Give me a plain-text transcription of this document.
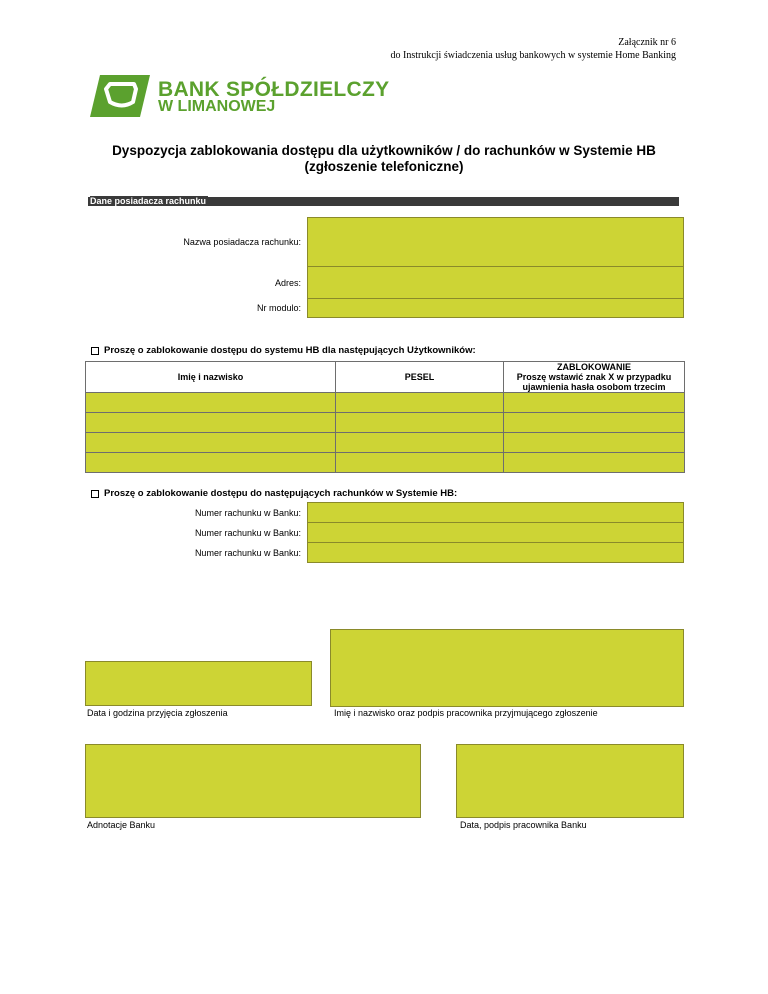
Załącznik nr 6
do Instrukcji świadczenia usług bankowych w systemie Home Banking
BANK SPÓŁDZIELCZY
W LIMANOWEJ
Dyspozycja zablokowania dostępu dla użytkowników / do rachunków w Systemie HB
(zgłoszenie telefoniczne)
Dane posiadacza rachunku
Nazwa posiadacza rachunku:
Adres:
Nr modulo:
Proszę o zablokowanie dostępu do systemu HB dla następujących Użytkowników:
Imię i nazwisko	PESEL	ZABLOKOWANIE
Proszę wstawić znak X w przypadku
ujawnienia hasła osobom trzecim

Proszę o zablokowanie dostępu do następujących rachunków w Systemie HB:
Numer rachunku w Banku:
Numer rachunku w Banku:
Numer rachunku w Banku:
Data i godzina przyjęcia zgłoszenia	Imię i nazwisko oraz podpis pracownika przyjmującego zgłoszenie
Adnotacje Banku	Data, podpis pracownika Banku
